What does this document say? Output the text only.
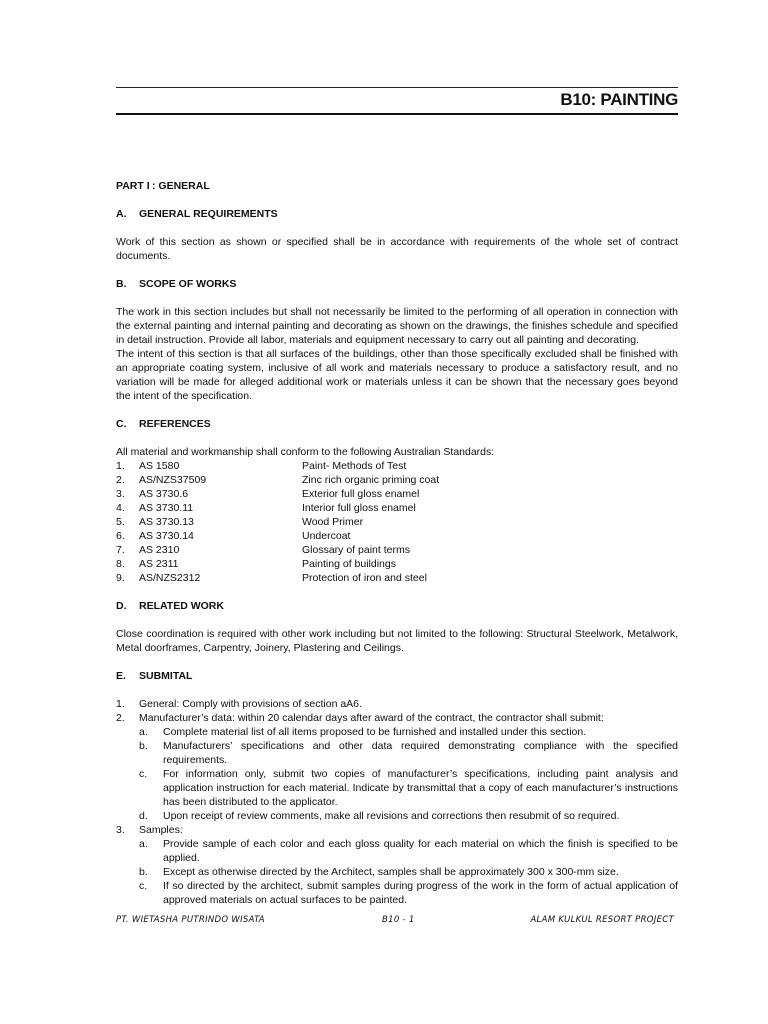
B10: PAINTING
PART I : GENERAL
A. GENERAL REQUIREMENTS

Work of this section as shown or specified shall be in accordance with requirements of the whole set of contract documents.

B. SCOPE OF WORKS

The work in this section includes but shall not necessarily be limited to the performing of all operation in connection with the external painting and internal painting and decorating as shown on the drawings, the finishes schedule and specified in detail instruction. Provide all labor, materials and equipment necessary to carry out all painting and decorating.

The intent of this section is that all surfaces of the buildings, other than those specifically excluded shall be finished with an appropriate coating system, inclusive of all work and materials necessary to produce a satisfactory result, and no variation will be made for alleged additional work or materials unless it can be shown that the necessary goes beyond the intent of the specification.

C. REFERENCES

All material and workmanship shall conform to the following Australian Standards:

1.	AS 1580	Paint- Methods of Test
2.	AS/NZS37509	Zinc rich organic priming coat
3.	AS 3730.6	Exterior full gloss enamel
4.	AS 3730.11	Interior full gloss enamel
5.	AS 3730.13	Wood Primer
6.	AS 3730.14	Undercoat
7.	AS 2310	Glossary of paint terms
8.	AS 2311	Painting of buildings
9.	AS/NZS2312	Protection of iron and steel
D. RELATED WORK

Close coordination is required with other work including but not limited to the following: Structural Steelwork, Metalwork, Metal doorframes, Carpentry, Joinery, Plastering and Ceilings.

E. SUBMITAL
1.	General: Comply with provisions of section aA6.
2.	Manufacturer’s data: within 20 calendar days after award of the contract, the contractor shall submit:
a.	Complete material list of all items proposed to be furnished and installed under this section.
b.	Manufacturers’ specifications and other data required demonstrating compliance with the specified requirements.
c.	For information only, submit two copies of manufacturer’s specifications, including paint analysis and application instruction for each material. Indicate by transmittal that a copy of each manufacturer’s instructions has been distributed to the applicator.
d.	Upon receipt of review comments, make all revisions and corrections then resubmit of so required.
3.	Samples:
a.	Provide sample of each color and each gloss quality for each material on which the finish is specified to be applied.
b.	Except as otherwise directed by the Architect, samples shall be approximately 300 x 300-mm size.
c.	If so directed by the architect, submit samples during progress of the work in the form of actual application of approved materials on actual surfaces to be painted.
PT. WIETASHA PUTRINDO WISATA	B10 - 1	ALAM KULKUL RESORT PROJECT
